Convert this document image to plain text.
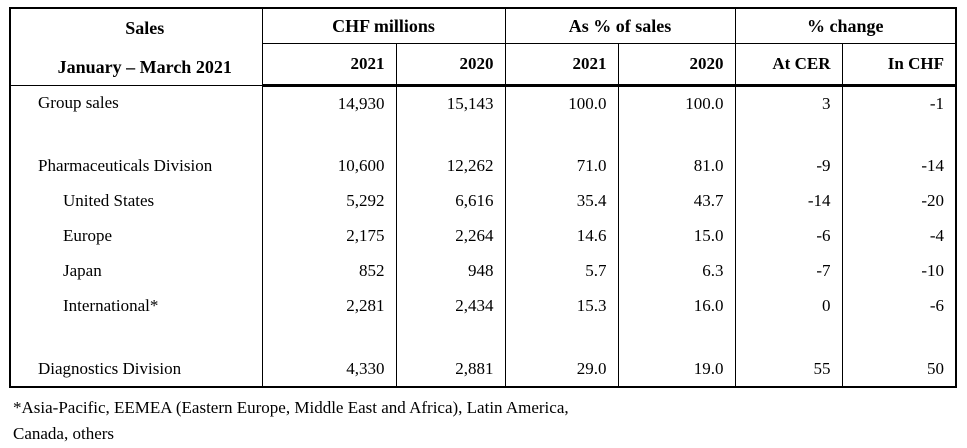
Sales
January – March 2021	CHF millions		As % of sales		% change	
	2021	2020	2021	2020	At CER	In CHF
Group sales	14,930	15,143	100.0	100.0	3	-1

Pharmaceuticals Division	10,600	12,262	71.0	81.0	-9	-14
United States	5,292	6,616	35.4	43.7	-14	-20
Europe	2,175	2,264	14.6	15.0	-6	-4
Japan	852	948	5.7	6.3	-7	-10
International*	2,281	2,434	15.3	16.0	0	-6

Diagnostics Division	4,330	2,881	29.0	19.0	55	50
*Asia-Pacific, EEMEA (Eastern Europe, Middle East and Africa), Latin America,
Canada, others
